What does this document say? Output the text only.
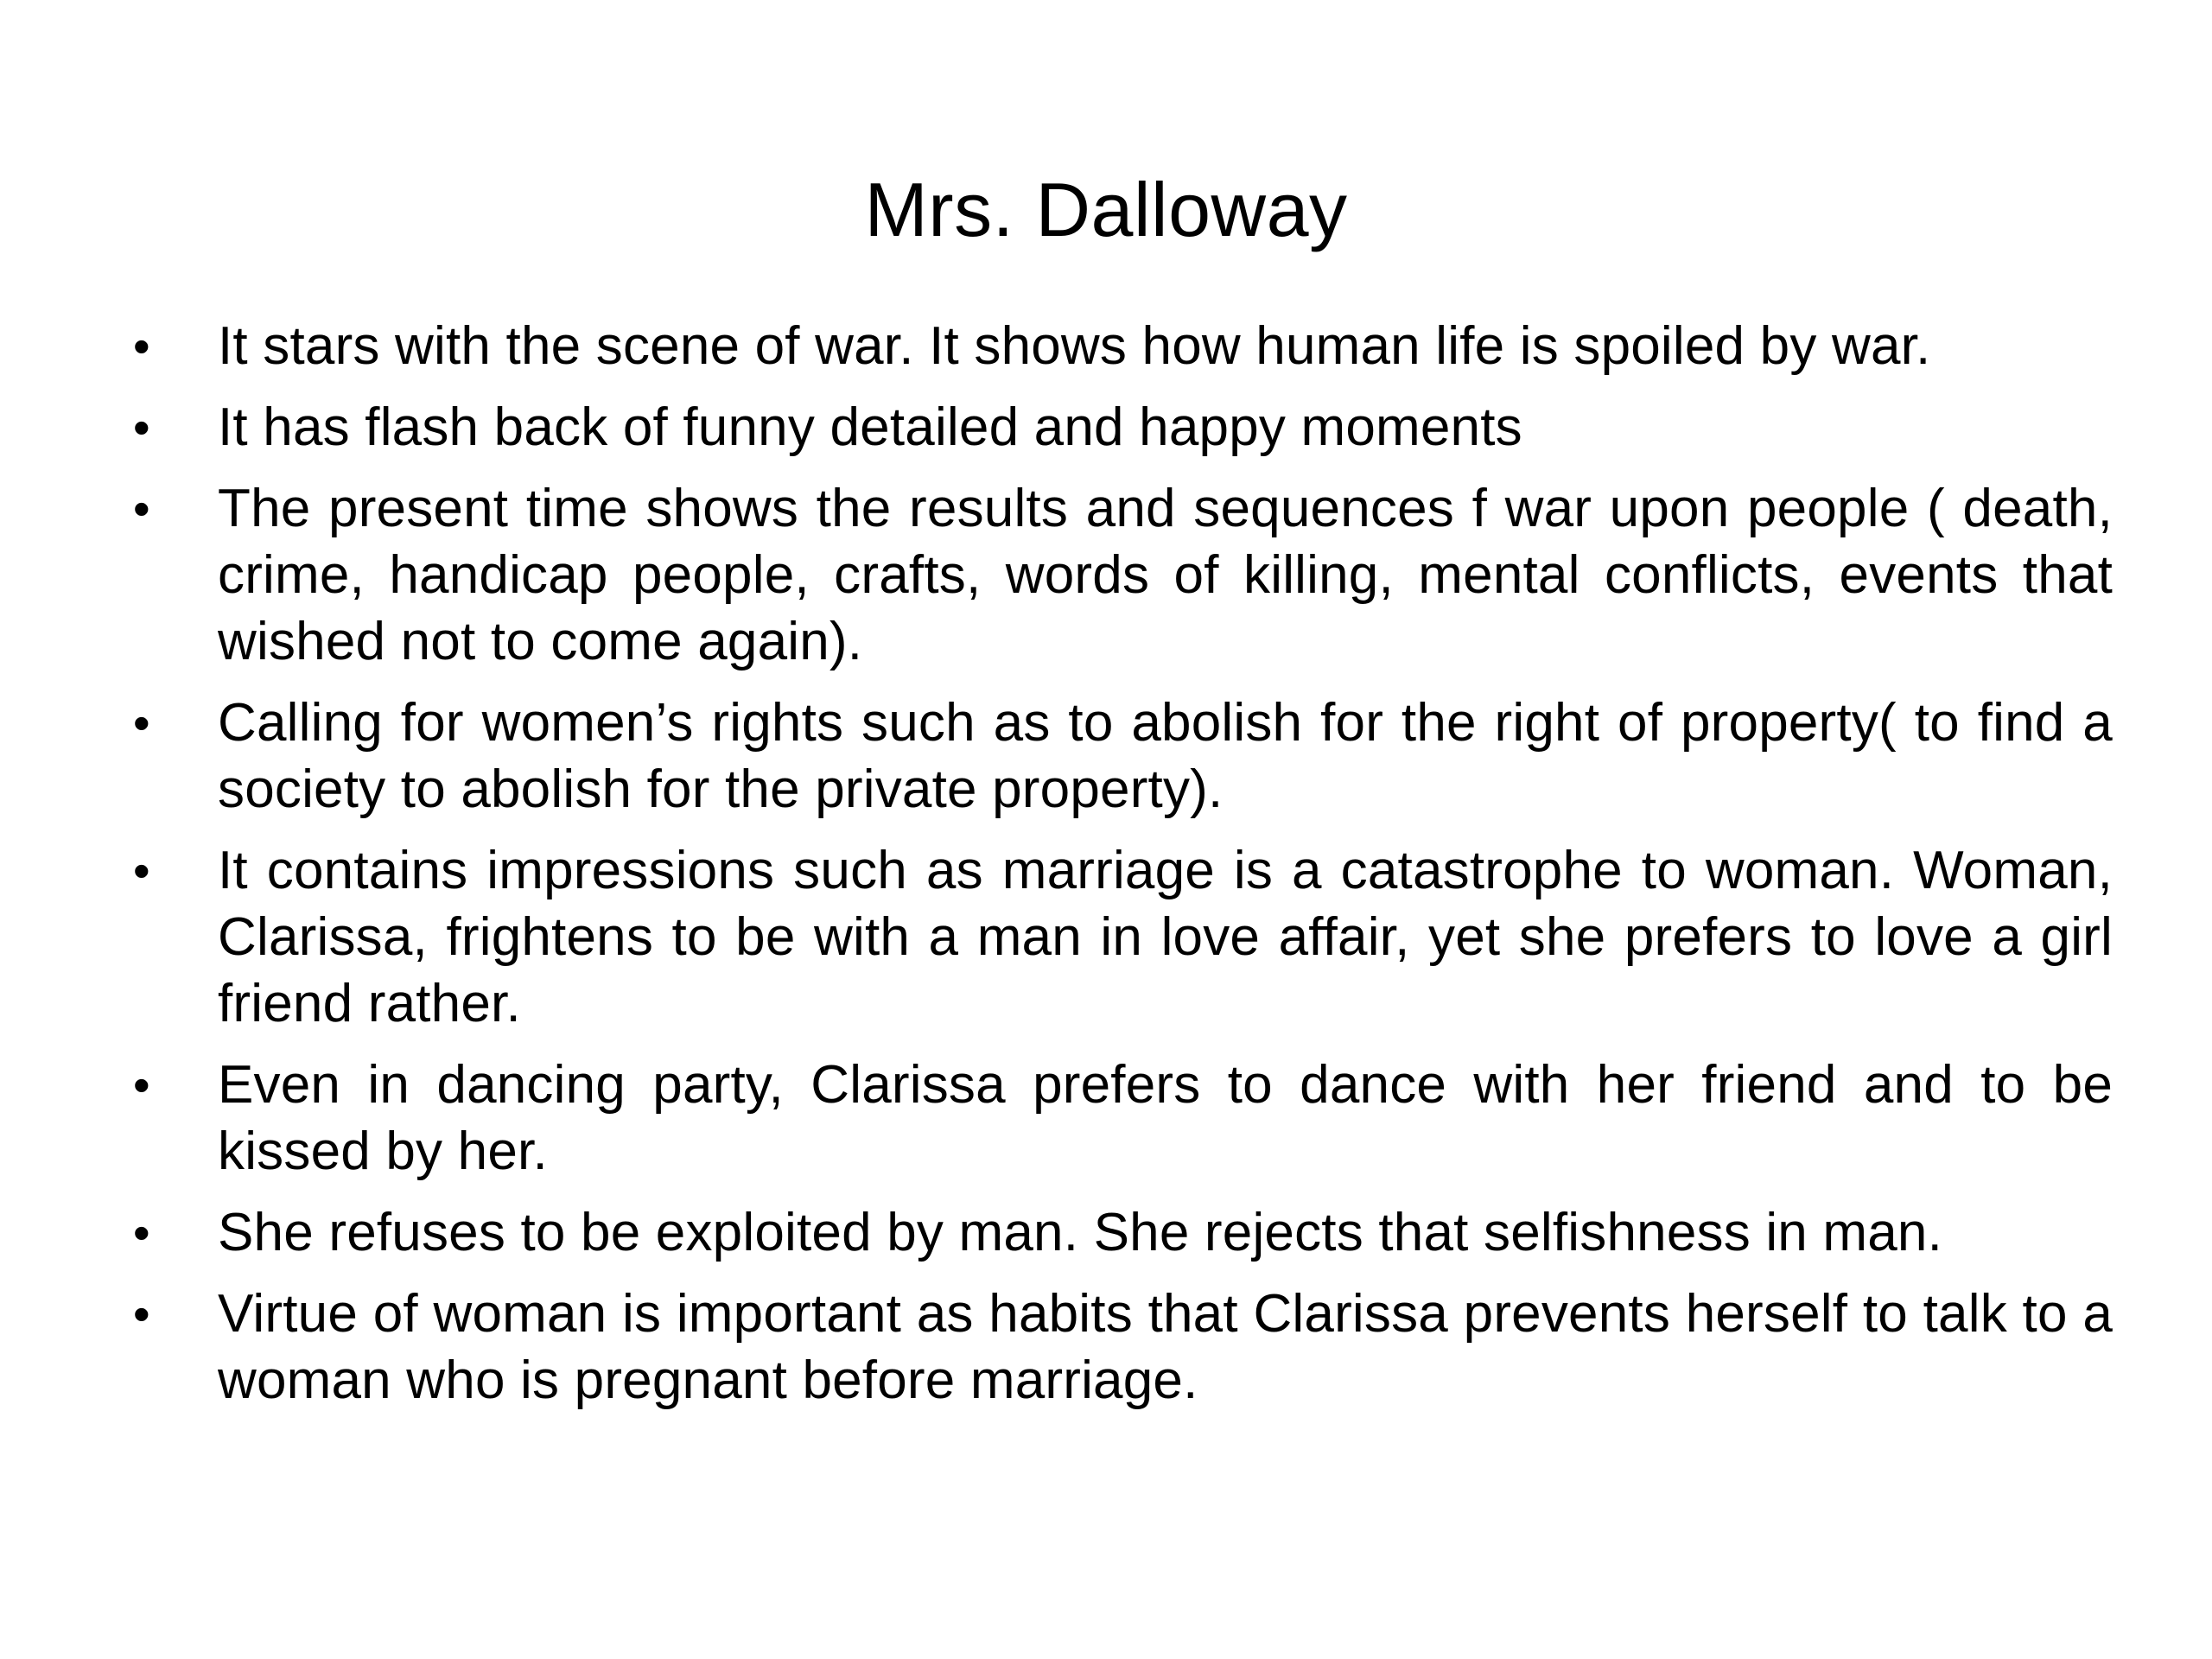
Mrs. Dalloway
•	It stars with the scene of war. It shows how human life is spoiled by war.
•	It has flash back of funny detailed and happy moments
•	The present time shows the results and sequences f war upon people ( death, crime, handicap people, crafts, words of killing, mental conflicts, events that wished not to come again).
•	Calling for women’s rights such as to abolish for the right of property( to find a society to abolish for the private property).
•	It contains impressions such as marriage is a catastrophe to woman. Woman, Clarissa, frightens to be with a man in love affair, yet she prefers to love a girl friend rather.
•	Even in dancing party, Clarissa prefers to dance with her friend and to be kissed by her.
•	She refuses to be exploited by man. She rejects that selfishness in man.
•	Virtue of woman is important as habits that Clarissa prevents herself to talk to a woman who is pregnant before marriage.
